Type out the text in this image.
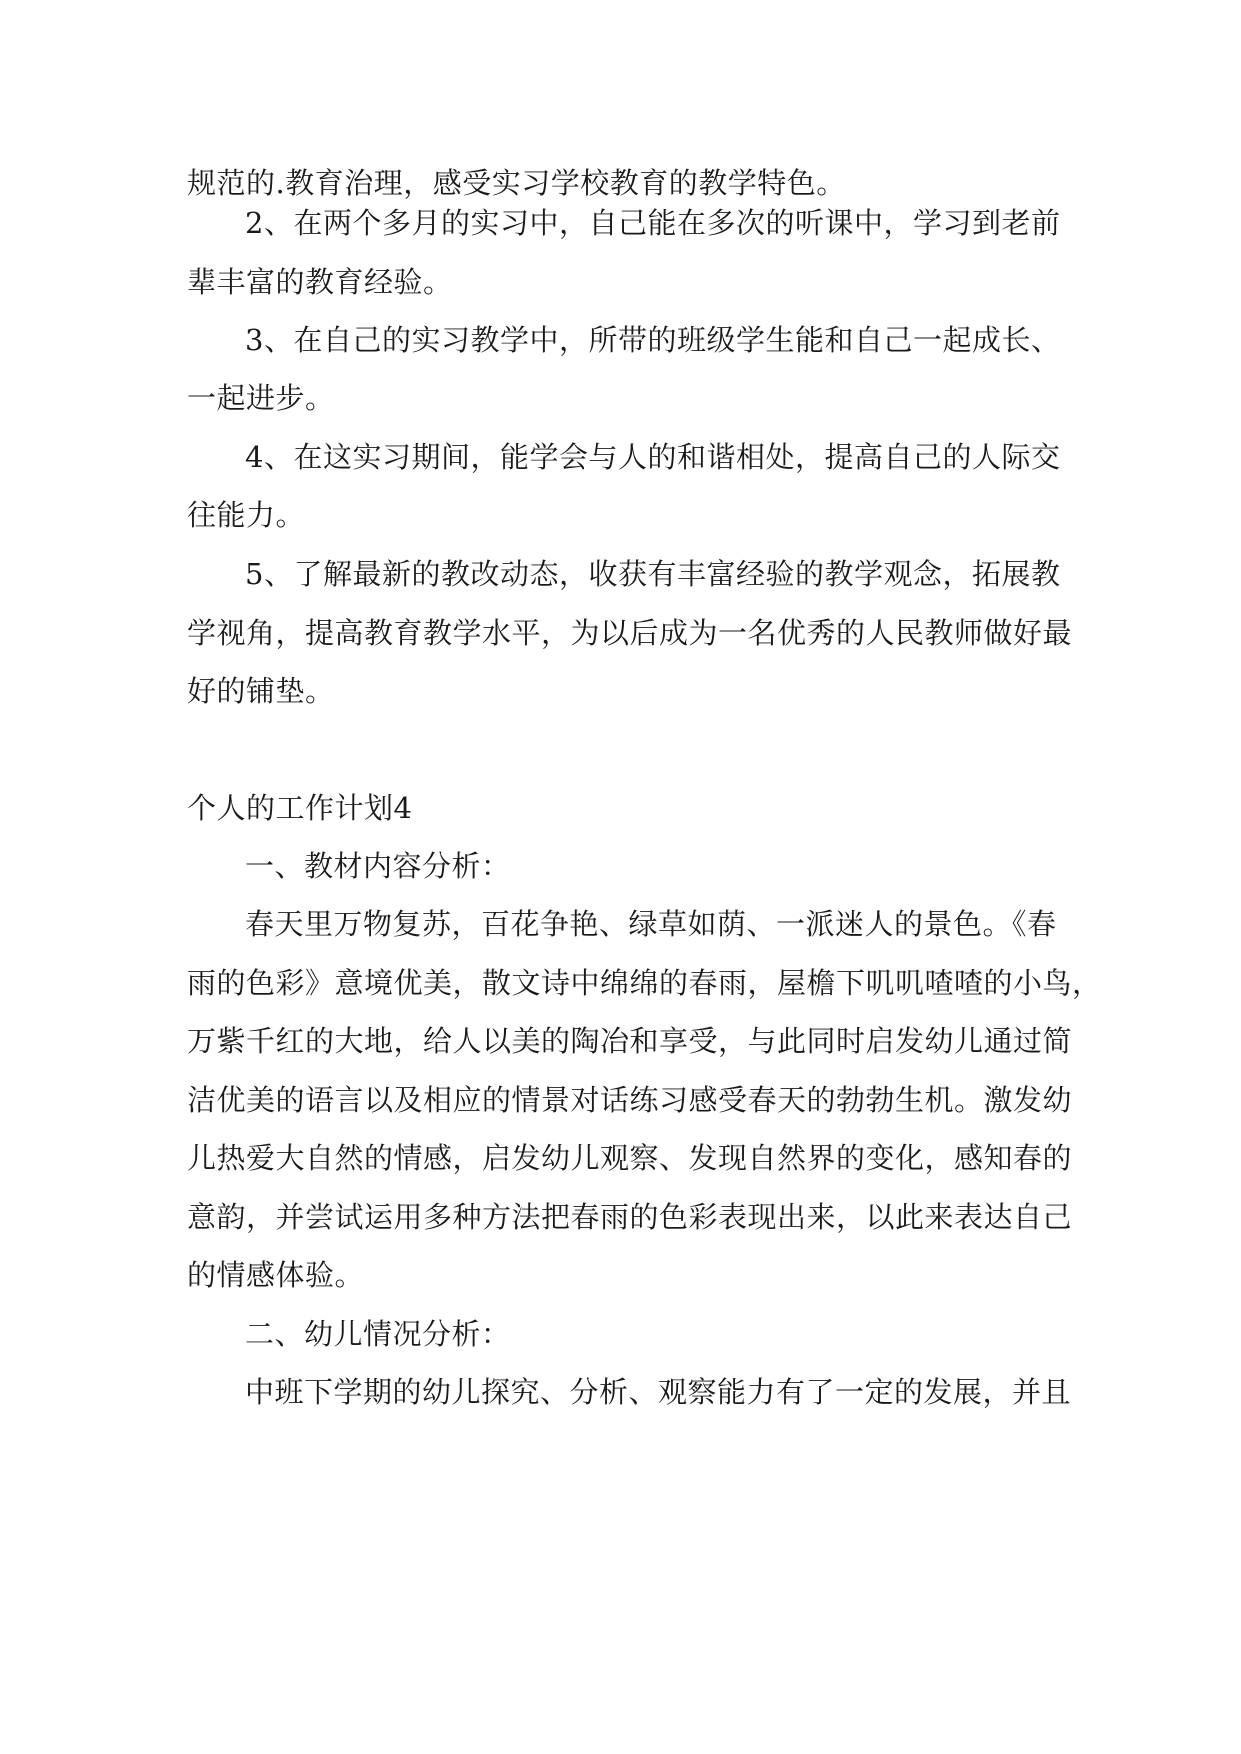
规范的.教育治理，感受实习学校教育的教学特色。
2、在两个多月的实习中，自己能在多次的听课中，学习到老前
辈丰富的教育经验。
3、在自己的实习教学中，所带的班级学生能和自己一起成长、
一起进步。
4、在这实习期间，能学会与人的和谐相处，提高自己的人际交
往能力。
5、了解最新的教改动态，收获有丰富经验的教学观念，拓展教
学视角，提高教育教学水平，为以后成为一名优秀的人民教师做好最
好的铺垫。
个人的工作计划4
一、教材内容分析：
春天里万物复苏，百花争艳、绿草如荫、一派迷人的景色。《春
雨的色彩》意境优美，散文诗中绵绵的春雨，屋檐下叽叽喳喳的小鸟，
万紫千红的大地，给人以美的陶冶和享受，与此同时启发幼儿通过简
洁优美的语言以及相应的情景对话练习感受春天的勃勃生机。激发幼
儿热爱大自然的情感，启发幼儿观察、发现自然界的变化，感知春的
意韵，并尝试运用多种方法把春雨的色彩表现出来，以此来表达自己
的情感体验。
二、幼儿情况分析：
中班下学期的幼儿探究、分析、观察能力有了一定的发展，并且
